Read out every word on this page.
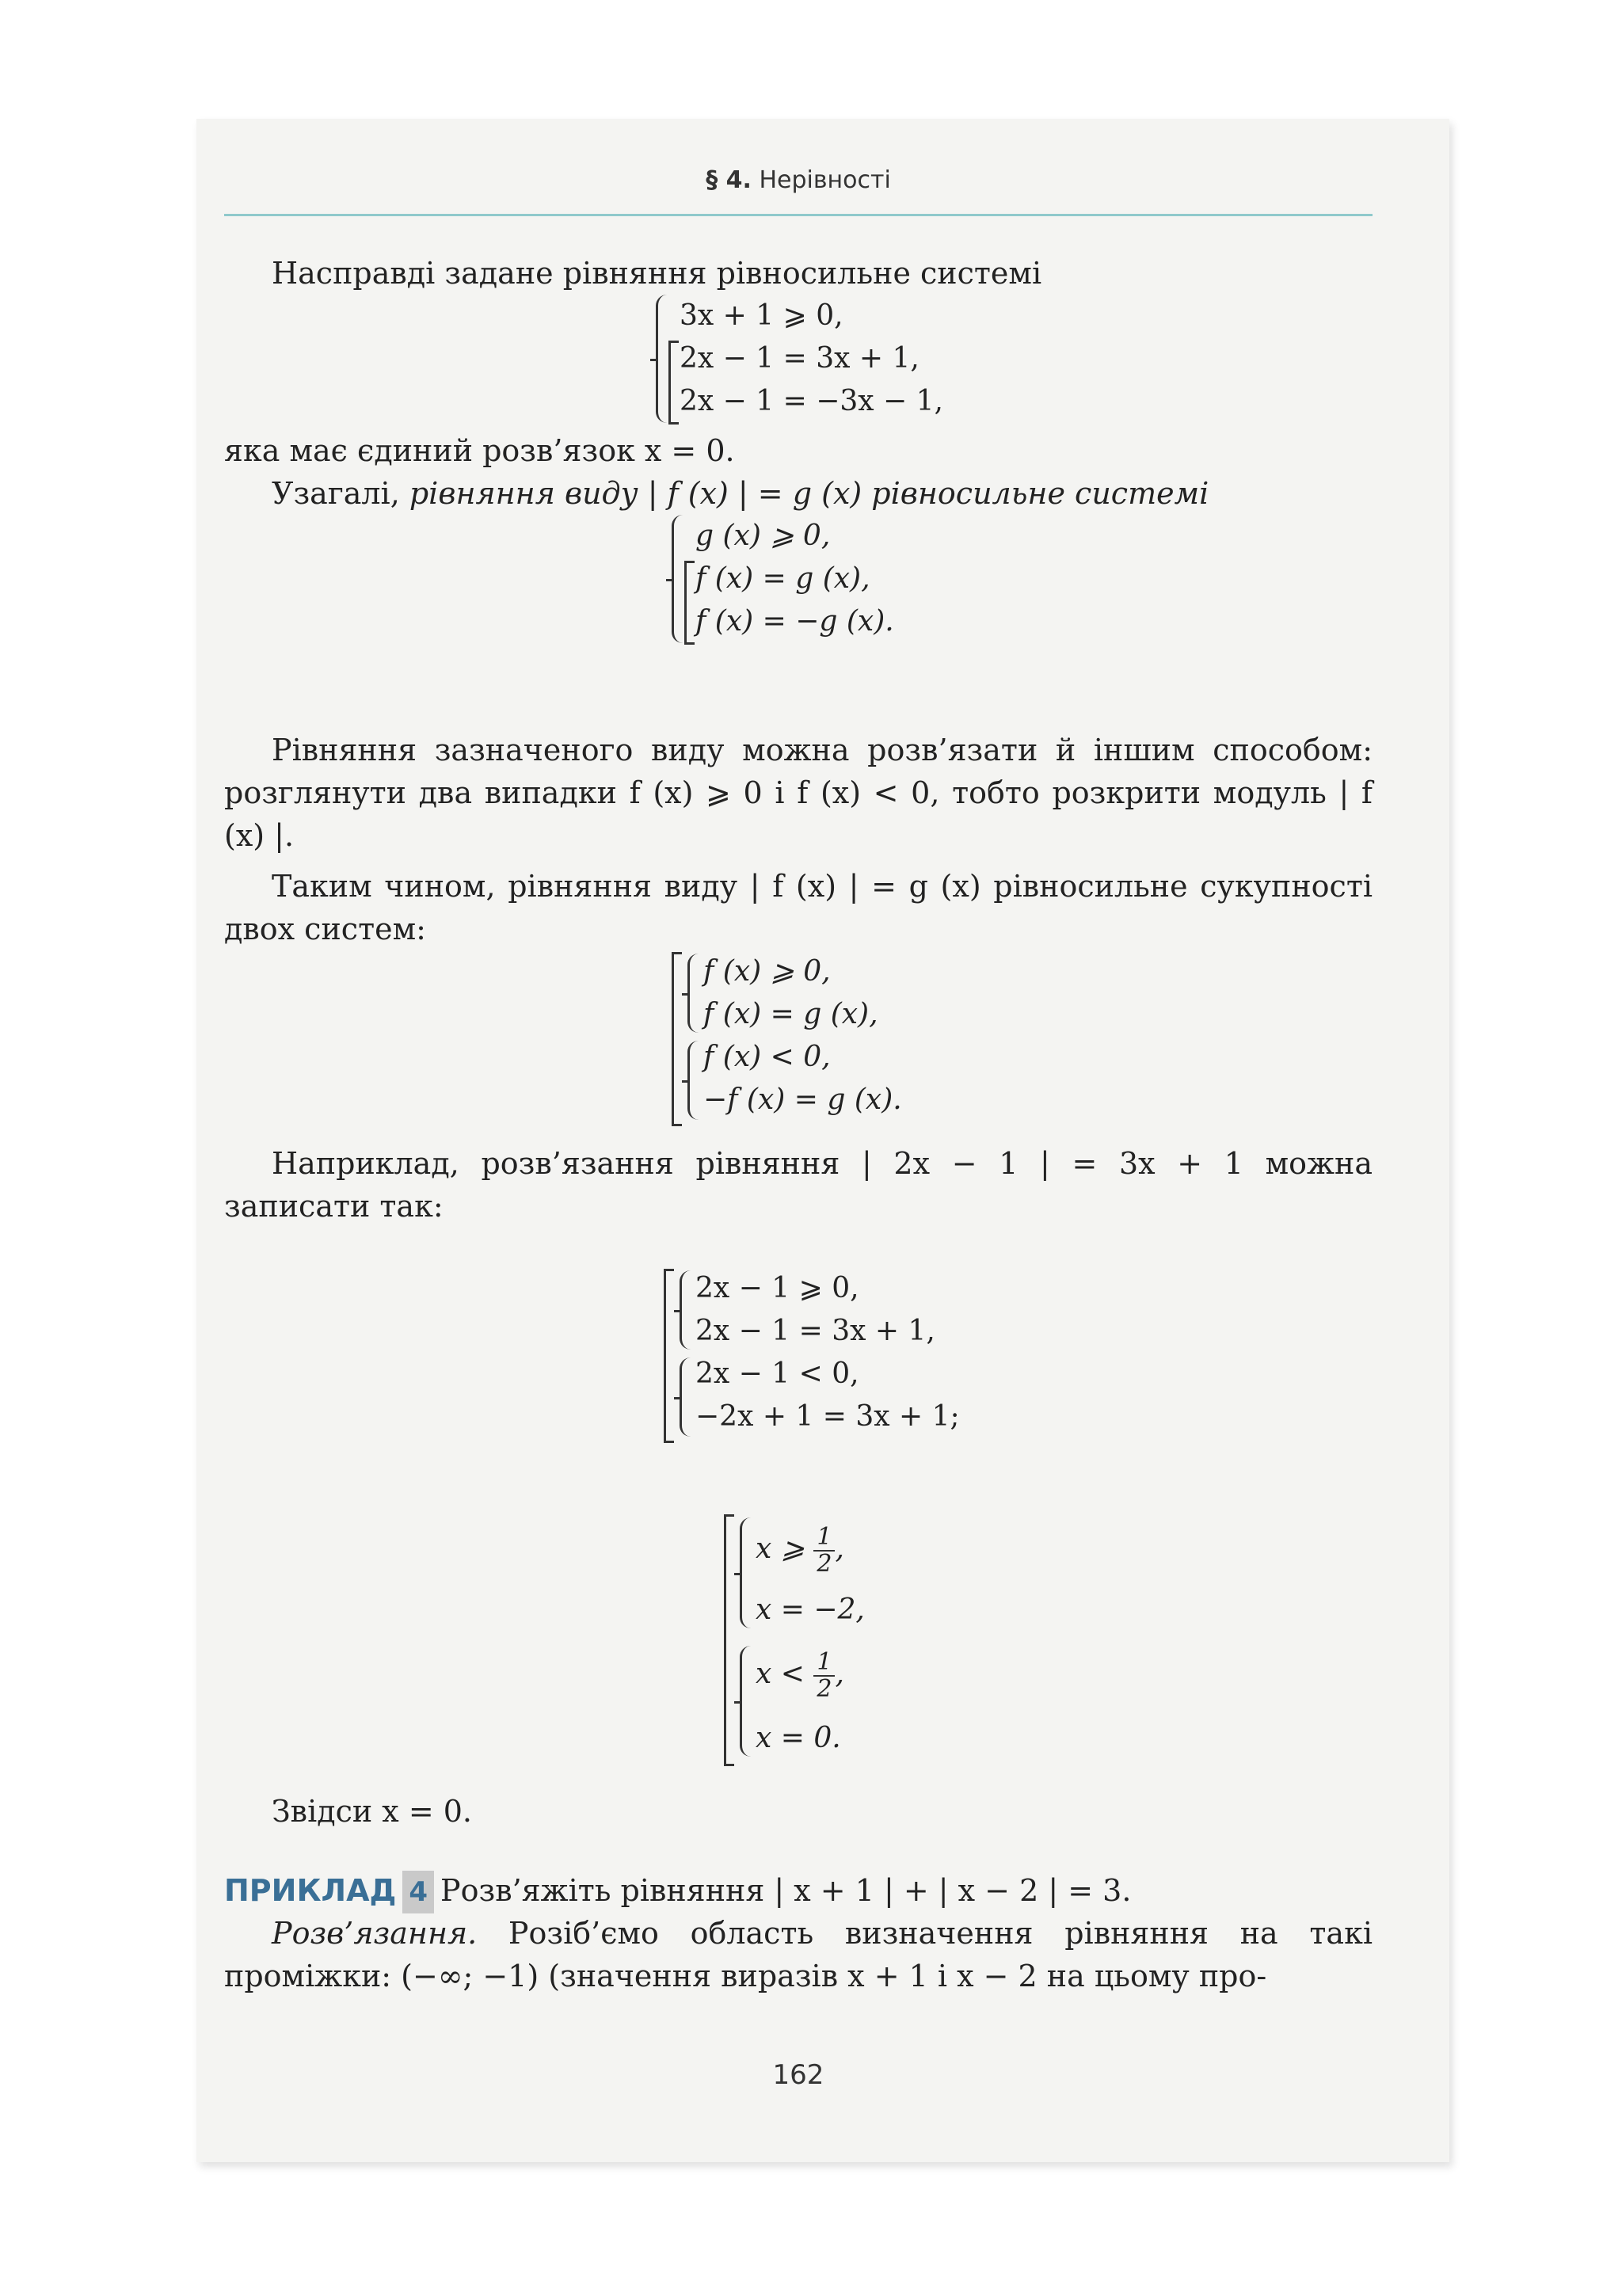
§ 4. Нерівності

Насправді задане рівняння рівносильне системі

3x + 1 ⩾ 0,
2x − 1 = 3x + 1,
2x − 1 = −3x − 1,

яка має єдиний розв’язок x = 0.

Узагалі, рівняння виду | f (x) | = g (x) рівносильне системі

g (x) ⩾ 0,
f (x) = g (x),
f (x) = −g (x).

Рівняння зазначеного виду можна розв’язати й іншим способом: розглянути два випадки f (x) ⩾ 0 і f (x) < 0, тобто розкрити модуль | f (x) |.

Таким чином, рівняння виду | f (x) | = g (x) рівносильне сукупності двох систем:

f (x) ⩾ 0,
f (x) = g (x),
f (x) < 0,
−f (x) = g (x).

Наприклад, розв’язання рівняння | 2x − 1 | = 3x + 1 можна записати так:

2x − 1 ⩾ 0,
2x − 1 = 3x + 1,
2x − 1 < 0,
−2x + 1 = 3x + 1;
x ⩾ $\frac{1}{2}$ ,
x = −2,
$x < \frac{1}{2}$ ,
x = 0.

Звідси x = 0.

ПРИКЛАД 4 Розв’яжіть рівняння | x + 1 | + | x − 2 | = 3.

Розв’язання. Розіб’ємо область визначення рівняння на такі проміжки: (−∞; −1) (значення виразів x + 1 і x − 2 на цьому про-

162
